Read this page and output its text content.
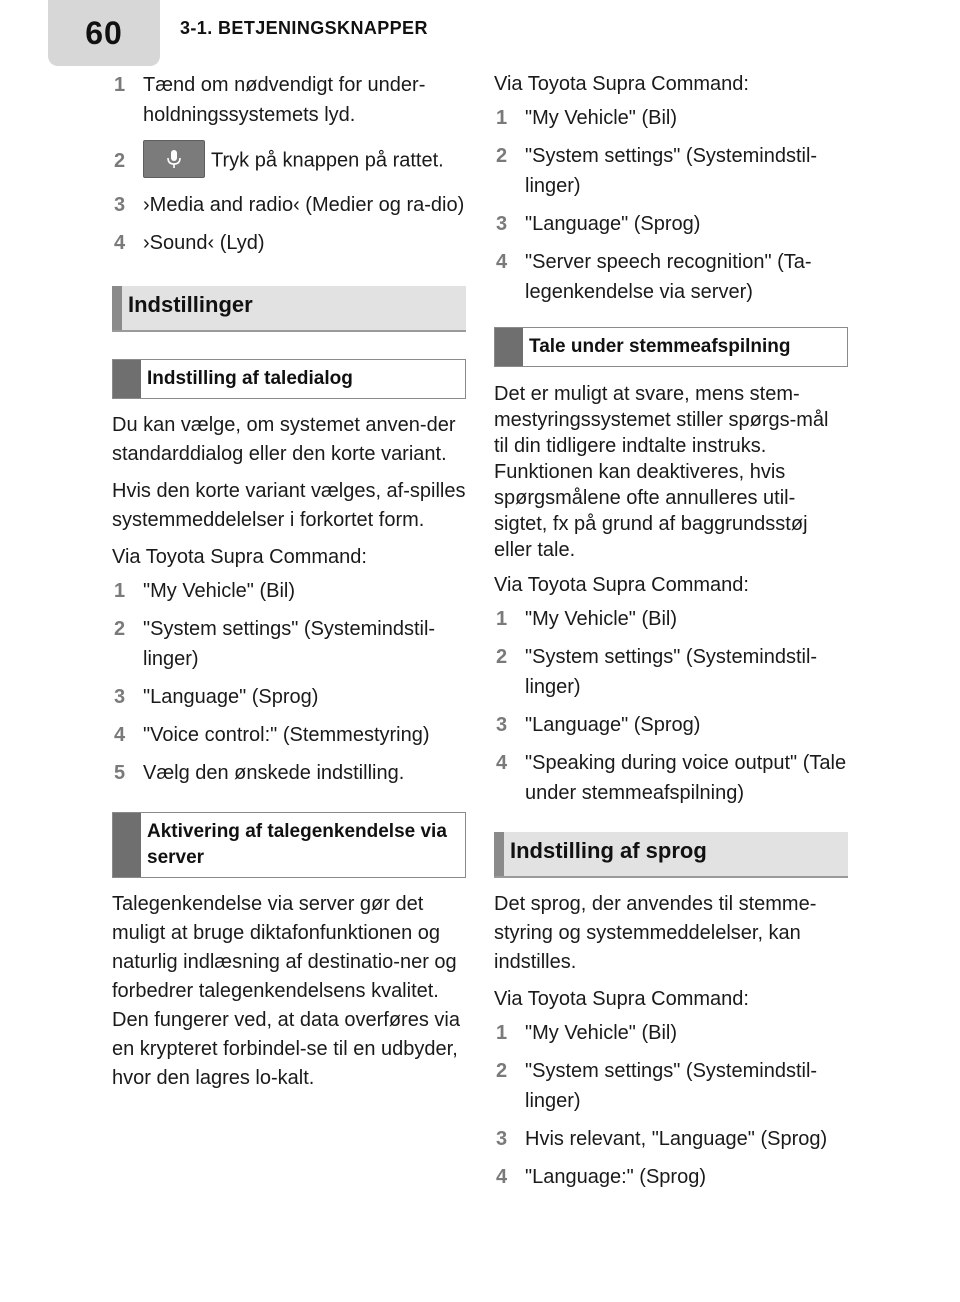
60	3-1. BETJENINGSKNAPPER
1 Tænd om nødvendigt for under-holdningssystemets lyd.
2	Tryk på knappen på rattet.
3 ›Media and radio‹ (Medier og ra-dio)
4 ›Sound‹ (Lyd)
Indstillinger
Indstilling af taledialog

Du kan vælge, om systemet anven-der standarddialog eller den korte variant.

Hvis den korte variant vælges, af-spilles systemmeddelelser i forkortet form.

Via Toyota Supra Command:

1 "My Vehicle" (Bil)
2 "System settings" (Systemindstil-linger)
3 "Language" (Sprog)
4 "Voice control:" (Stemmestyring)
5 Vælg den ønskede indstilling.
Aktivering af talegenkendelse via server

Talegenkendelse via server gør det muligt at bruge diktafonfunktionen og naturlig indlæsning af destinatio-ner og forbedrer talegenkendelsens kvalitet. Den fungerer ved, at data overføres via en krypteret forbindel-se til en udbyder, hvor den lagres lo-kalt.

Via Toyota Supra Command:

1 "My Vehicle" (Bil)
2 "System settings" (Systemindstil-linger)
3 "Language" (Sprog)
4 "Server speech recognition" (Ta-legenkendelse via server)
Tale under stemmeafspilning

Det er muligt at svare, mens stem-mestyringssystemet stiller spørgs-mål til din tidligere indtalte instruks. Funktionen kan deaktiveres, hvis spørgsmålene ofte annulleres util-sigtet, fx på grund af baggrundsstøj eller tale.

Via Toyota Supra Command:

1 "My Vehicle" (Bil)
2 "System settings" (Systemindstil-linger)
3 "Language" (Sprog)
4 "Speaking during voice output" (Tale under stemmeafspilning)
Indstilling af sprog

Det sprog, der anvendes til stemme-styring og systemmeddelelser, kan indstilles.

Via Toyota Supra Command:

1 "My Vehicle" (Bil)
2 "System settings" (Systemindstil-linger)
3 Hvis relevant, "Language" (Sprog)
4 "Language:" (Sprog)
